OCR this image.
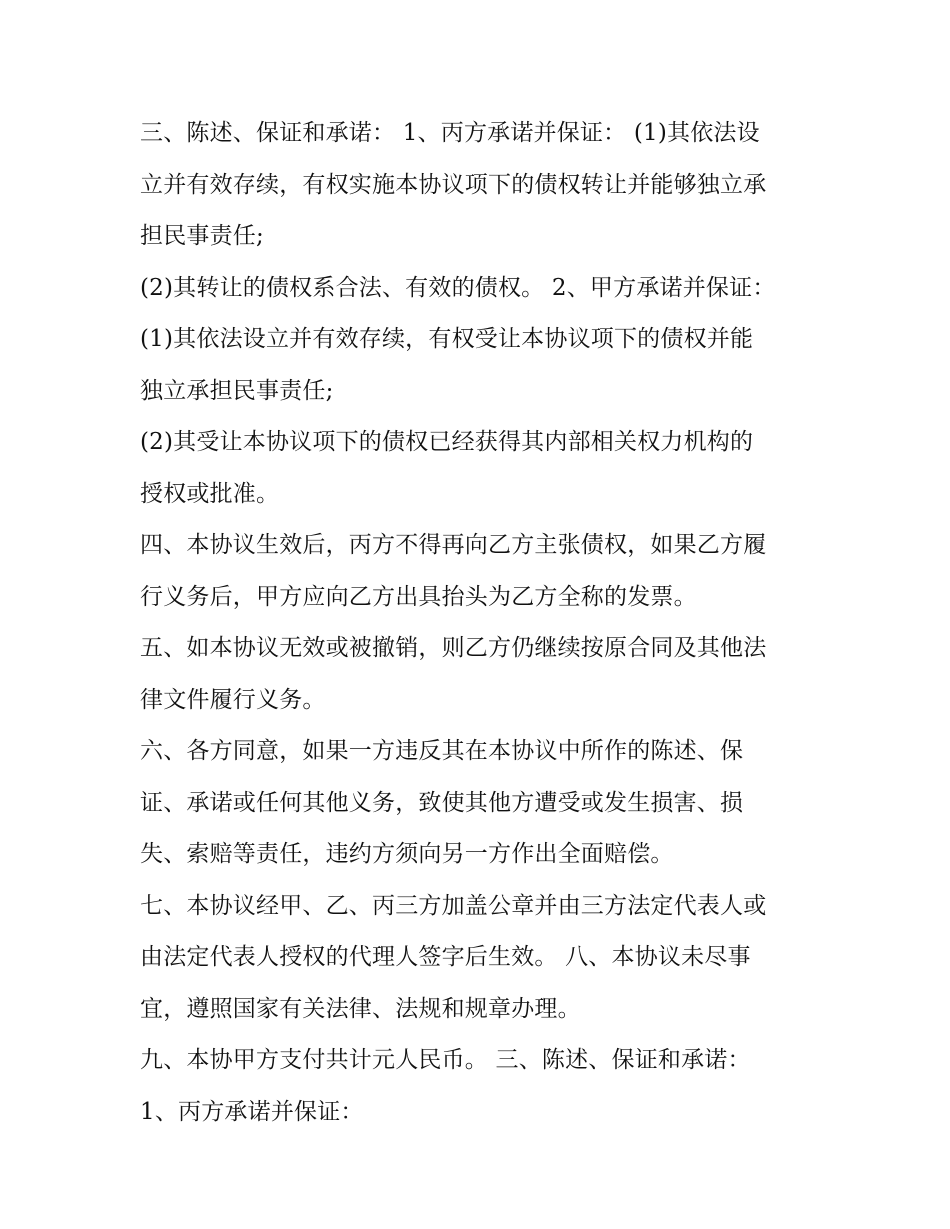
三、陈述、保证和承诺： 1、丙方承诺并保证： (1)其依法设
立并有效存续，有权实施本协议项下的债权转让并能够独立承
担民事责任;
(2)其转让的债权系合法、有效的债权。 2、甲方承诺并保证：
(1)其依法设立并有效存续，有权受让本协议项下的债权并能
独立承担民事责任;
(2)其受让本协议项下的债权已经获得其内部相关权力机构的
授权或批准。
四、本协议生效后，丙方不得再向乙方主张债权，如果乙方履
行义务后，甲方应向乙方出具抬头为乙方全称的发票。
五、如本协议无效或被撤销，则乙方仍继续按原合同及其他法
律文件履行义务。
六、各方同意，如果一方违反其在本协议中所作的陈述、保
证、承诺或任何其他义务，致使其他方遭受或发生损害、损
失、索赔等责任，违约方须向另一方作出全面赔偿。
七、本协议经甲、乙、丙三方加盖公章并由三方法定代表人或
由法定代表人授权的代理人签字后生效。 八、本协议未尽事
宜，遵照国家有关法律、法规和规章办理。
九、本协甲方支付共计元人民币。 三、陈述、保证和承诺：
1、丙方承诺并保证：
